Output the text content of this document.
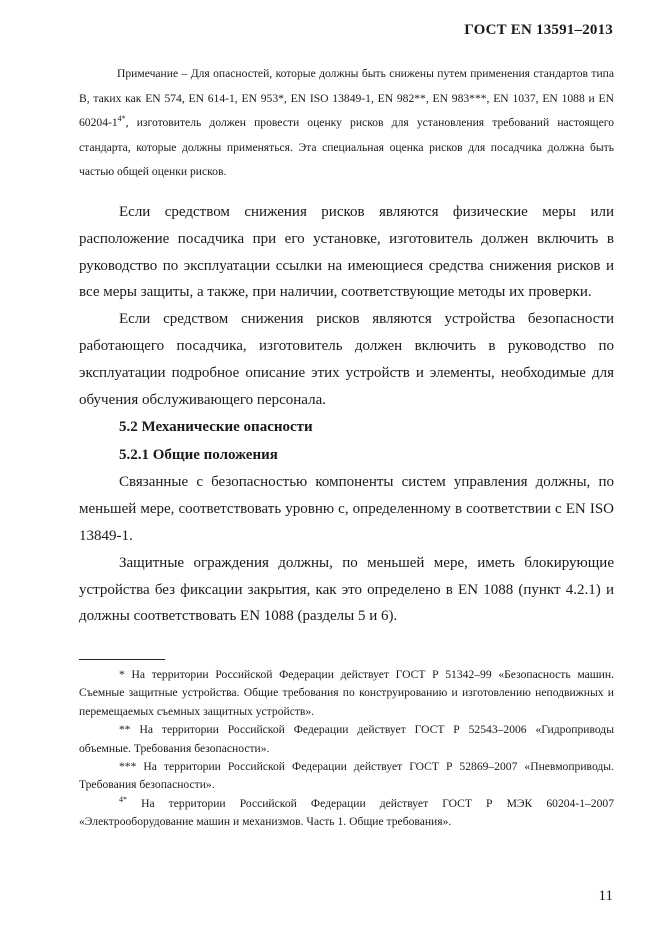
ГОСТ EN 13591–2013

Примечание – Для опасностей, которые должны быть снижены путем применения стандартов типа В, таких как EN 574, EN 614-1, EN 953*, EN ISO 13849-1, EN 982**, EN 983***, EN 1037, EN 1088 и EN $60204-1^{4*}$, изготовитель должен провести оценку рисков для установления требований настоящего стандарта, которые должны применяться. Эта специальная оценка рисков для посадчика должна быть частью общей оценки рисков.

Если средством снижения рисков являются физические меры или расположение посадчика при его установке, изготовитель должен включить в руководство по эксплуатации ссылки на имеющиеся средства снижения рисков и все меры защиты, а также, при наличии, соответствующие методы их проверки.

Если средством снижения рисков являются устройства безопасности работающего посадчика, изготовитель должен включить в руководство по эксплуатации подробное описание этих устройств и элементы, необходимые для обучения обслуживающего персонала.

5.2 Механические опасности
5.2.1 Общие положения

Связанные с безопасностью компоненты систем управления должны, по меньшей мере, соответствовать уровню c, определенному в соответствии с EN ISO 13849-1.

Защитные ограждения должны, по меньшей мере, иметь блокирующие устройства без фиксации закрытия, как это определено в EN 1088 (пункт 4.2.1) и должны соответствовать EN 1088 (разделы 5 и 6).

* На территории Российской Федерации действует ГОСТ Р 51342–99 «Безопасность машин. Съемные защитные устройства. Общие требования по конструированию и изготовлению неподвижных и перемещаемых съемных защитных устройств».

** На территории Российской Федерации действует ГОСТ Р 52543–2006 «Гидроприводы объемные. Требования безопасности».

*** На территории Российской Федерации действует ГОСТ Р 52869–2007 «Пневмоприводы. Требования безопасности».

$^{4*}$ На территории Российской Федерации действует ГОСТ Р МЭК 60204-1–2007 «Электрооборудование машин и механизмов. Часть 1. Общие требования».

11
